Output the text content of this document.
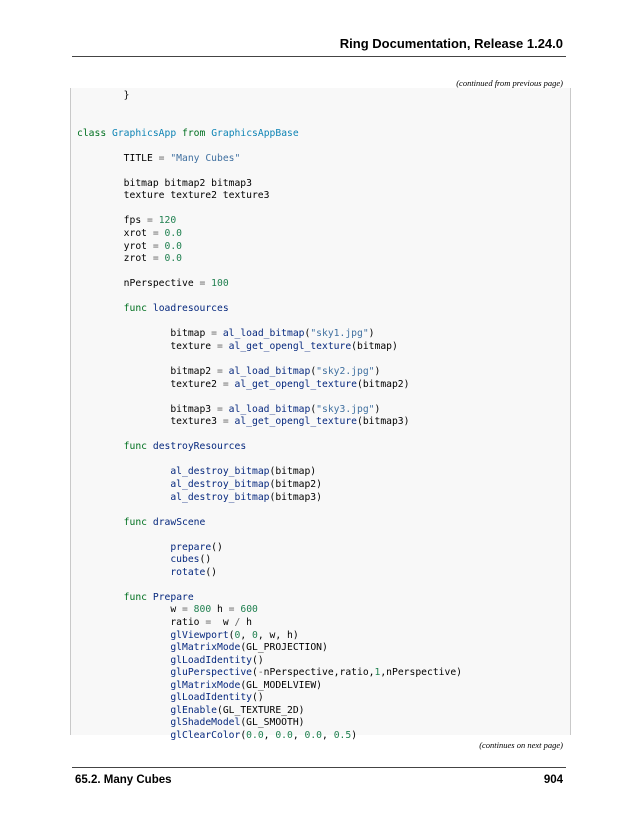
Ring Documentation, Release 1.24.0
(continued from previous page)
}
class GraphicsApp from GraphicsAppBase
TITLE = "Many Cubes"
bitmap bitmap2 bitmap3
texture texture2 texture3
fps = 120
xrot = 0.0
yrot = 0.0
zrot = 0.0
nPerspective = 100
func loadresources
bitmap = al_load_bitmap("sky1.jpg")
texture = al_get_opengl_texture(bitmap)
bitmap2 = al_load_bitmap("sky2.jpg")
texture2 = al_get_opengl_texture(bitmap2)
bitmap3 = al_load_bitmap("sky3.jpg")
texture3 = al_get_opengl_texture(bitmap3)
func destroyResources
al_destroy_bitmap(bitmap)
al_destroy_bitmap(bitmap2)
al_destroy_bitmap(bitmap3)
func drawScene
prepare()
cubes()
rotate()
func Prepare
w = 800 h = 600
ratio =  w / h
glViewport(0, 0, w, h)
glMatrixMode(GL_PROJECTION)
glLoadIdentity()
gluPerspective(-nPerspective,ratio,1,nPerspective)
glMatrixMode(GL_MODELVIEW)
glLoadIdentity()
glEnable(GL_TEXTURE_2D)
glShadeModel(GL_SMOOTH)
glClearColor(0.0, 0.0, 0.0, 0.5)
(continues on next page)
65.2. Many Cubes	904
